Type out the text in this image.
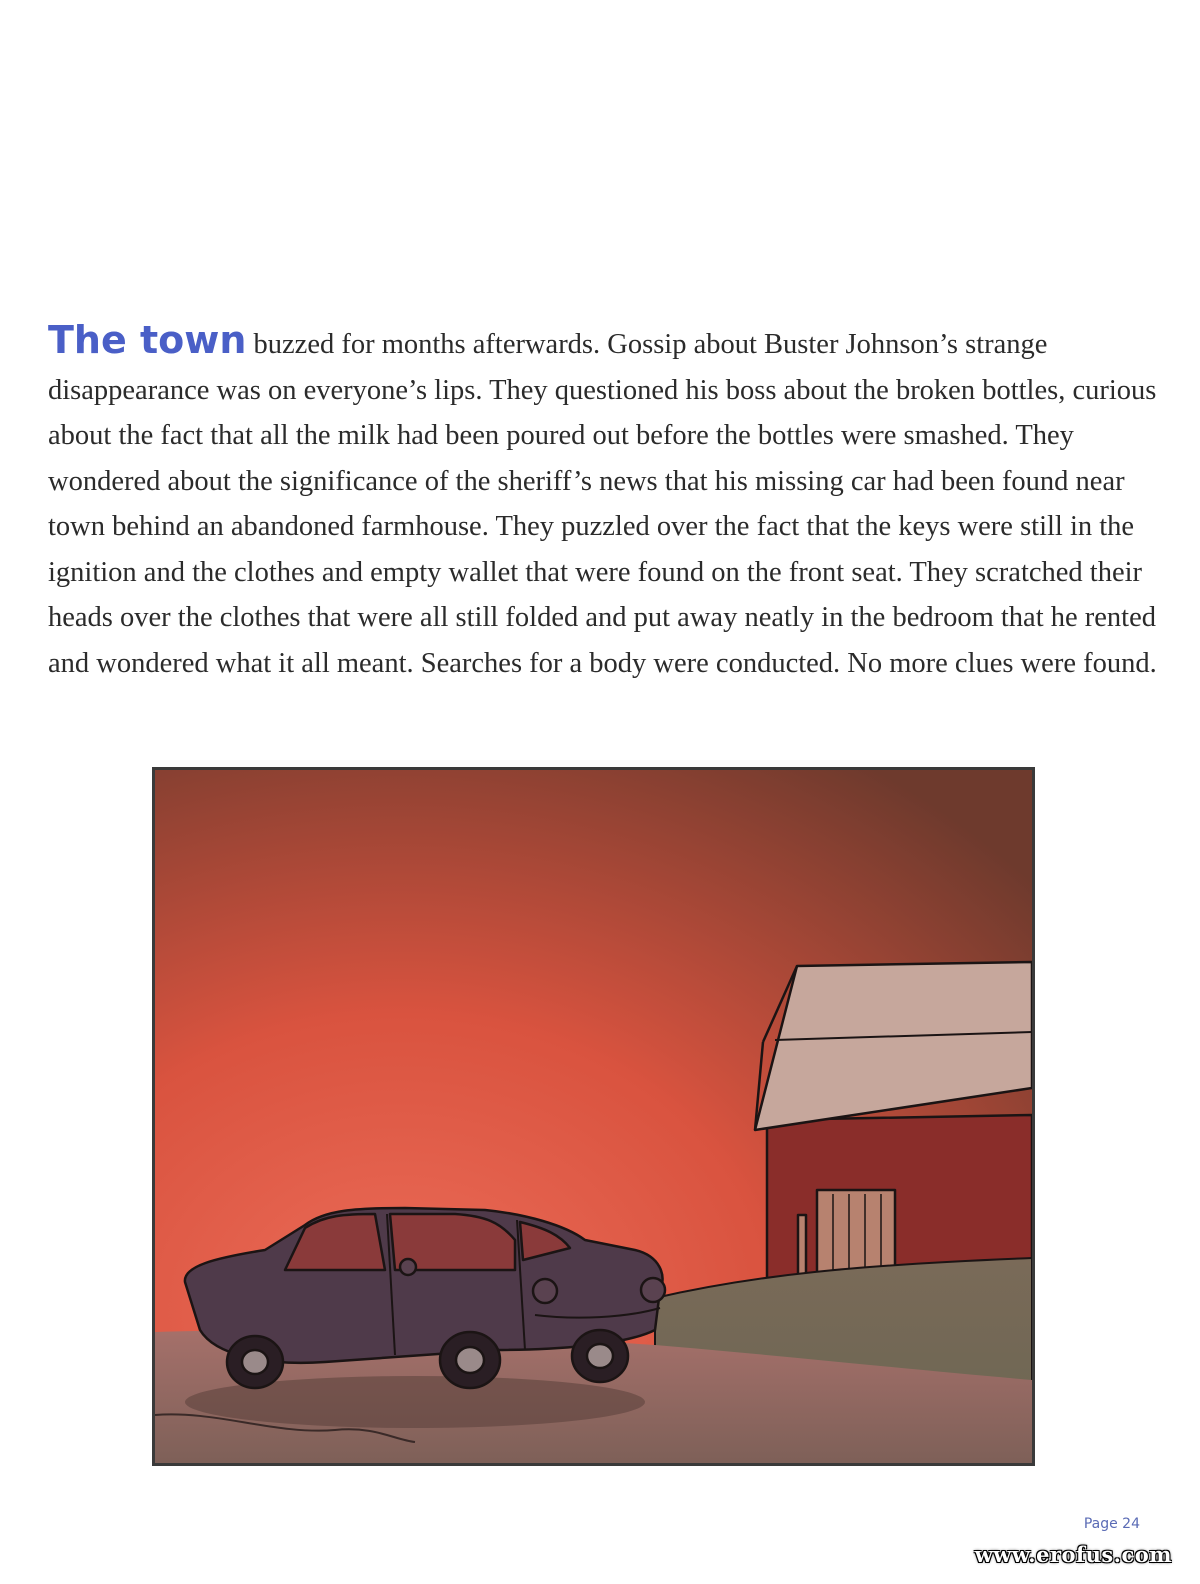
The town buzzed for months afterwards. Gossip about Buster Johnson’s strange disappearance was on everyone’s lips. They questioned his boss about the broken bottles, curious about the fact that all the milk had been poured out before the bottles were smashed. They wondered about the significance of the sheriff’s news that his missing car had been found near town behind an abandoned farmhouse. They puzzled over the fact that the keys were still in the ignition and the clothes and empty wallet that were found on the front seat. They scratched their heads over the clothes that were all still folded and put away neatly in the bedroom that he rented and wondered what it all meant. Searches for a body were conducted. No more clues were found.

Page 24
www.erofus.com
